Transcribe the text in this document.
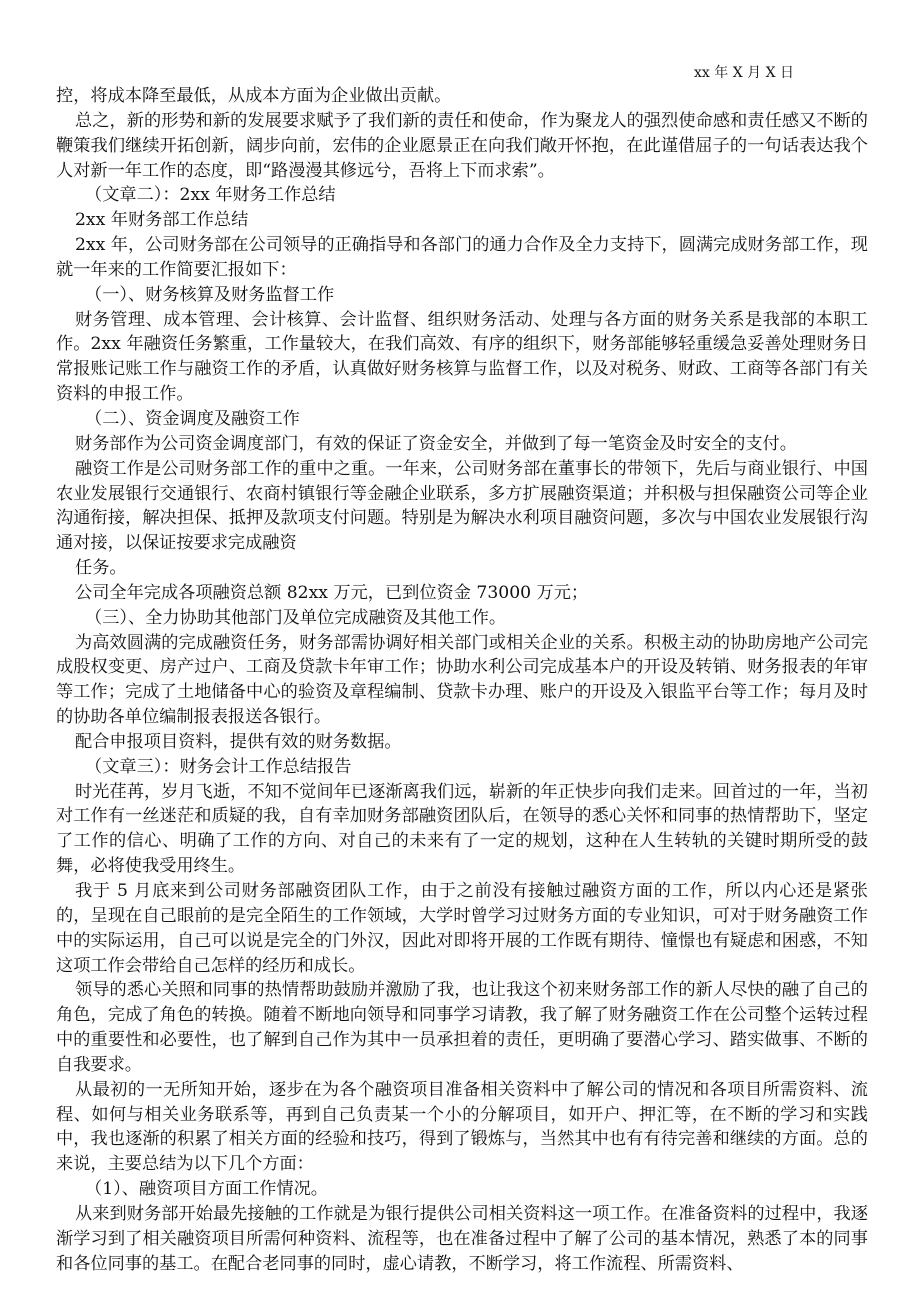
xx 年 X 月 X 日

控，将成本降至最低，从成本方面为企业做出贡献。

总之，新的形势和新的发展要求赋予了我们新的责任和使命，作为聚龙人的强烈使命感和责任感又不断的鞭策我们继续开拓创新，阔步向前，宏伟的企业愿景正在向我们敞开怀抱，在此谨借屈子的一句话表达我个人对新一年工作的态度，即“路漫漫其修远兮，吾将上下而求索”。

（文章二）：2xx 年财务工作总结

2xx 年财务部工作总结

2xx 年，公司财务部在公司领导的正确指导和各部门的通力合作及全力支持下，圆满完成财务部工作，现就一年来的工作简要汇报如下：

（一）、财务核算及财务监督工作

财务管理、成本管理、会计核算、会计监督、组织财务活动、处理与各方面的财务关系是我部的本职工作。2xx 年融资任务繁重，工作量较大，在我们高效、有序的组织下，财务部能够轻重缓急妥善处理财务日常报账记账工作与融资工作的矛盾，认真做好财务核算与监督工作，以及对税务、财政、工商等各部门有关资料的申报工作。

（二）、资金调度及融资工作

财务部作为公司资金调度部门，有效的保证了资金安全，并做到了每一笔资金及时安全的支付。

融资工作是公司财务部工作的重中之重。一年来，公司财务部在董事长的带领下，先后与商业银行、中国农业发展银行交通银行、农商村镇银行等金融企业联系，多方扩展融资渠道；并积极与担保融资公司等企业沟通衔接，解决担保、抵押及款项支付问题。特别是为解决水利项目融资问题，多次与中国农业发展银行沟通对接，以保证按要求完成融资

任务。

公司全年完成各项融资总额 82xx 万元，已到位资金 73000 万元；

（三）、全力协助其他部门及单位完成融资及其他工作。

为高效圆满的完成融资任务，财务部需协调好相关部门或相关企业的关系。积极主动的协助房地产公司完成股权变更、房产过户、工商及贷款卡年审工作；协助水利公司完成基本户的开设及转销、财务报表的年审等工作；完成了土地储备中心的验资及章程编制、贷款卡办理、账户的开设及入银监平台等工作；每月及时的协助各单位编制报表报送各银行。

配合申报项目资料，提供有效的财务数据。

（文章三）：财务会计工作总结报告

时光荏苒，岁月飞逝，不知不觉间年已逐渐离我们远，崭新的年正快步向我们走来。回首过的一年，当初对工作有一丝迷茫和质疑的我，自有幸加财务部融资团队后，在领导的悉心关怀和同事的热情帮助下，坚定了工作的信心、明确了工作的方向、对自己的未来有了一定的规划，这种在人生转轨的关键时期所受的鼓舞，必将使我受用终生。

我于 5 月底来到公司财务部融资团队工作，由于之前没有接触过融资方面的工作，所以内心还是紧张的，呈现在自己眼前的是完全陌生的工作领域，大学时曾学习过财务方面的专业知识，可对于财务融资工作中的实际运用，自己可以说是完全的门外汉，因此对即将开展的工作既有期待、憧憬也有疑虑和困惑，不知这项工作会带给自己怎样的经历和成长。

领导的悉心关照和同事的热情帮助鼓励并激励了我，也让我这个初来财务部工作的新人尽快的融了自己的角色，完成了角色的转换。随着不断地向领导和同事学习请教，我了解了财务融资工作在公司整个运转过程中的重要性和必要性，也了解到自己作为其中一员承担着的责任，更明确了要潜心学习、踏实做事、不断的自我要求。

从最初的一无所知开始，逐步在为各个融资项目准备相关资料中了解公司的情况和各项目所需资料、流程、如何与相关业务联系等，再到自己负责某一个小的分解项目，如开户、押汇等，在不断的学习和实践中，我也逐渐的积累了相关方面的经验和技巧，得到了锻炼与，当然其中也有有待完善和继续的方面。总的来说，主要总结为以下几个方面：

（1）、融资项目方面工作情况。

从来到财务部开始最先接触的工作就是为银行提供公司相关资料这一项工作。在准备资料的过程中，我逐渐学习到了相关融资项目所需何种资料、流程等，也在准备过程中了解了公司的基本情况，熟悉了本的同事和各位同事的基工。在配合老同事的同时，虚心请教，不断学习，将工作流程、所需资料、
